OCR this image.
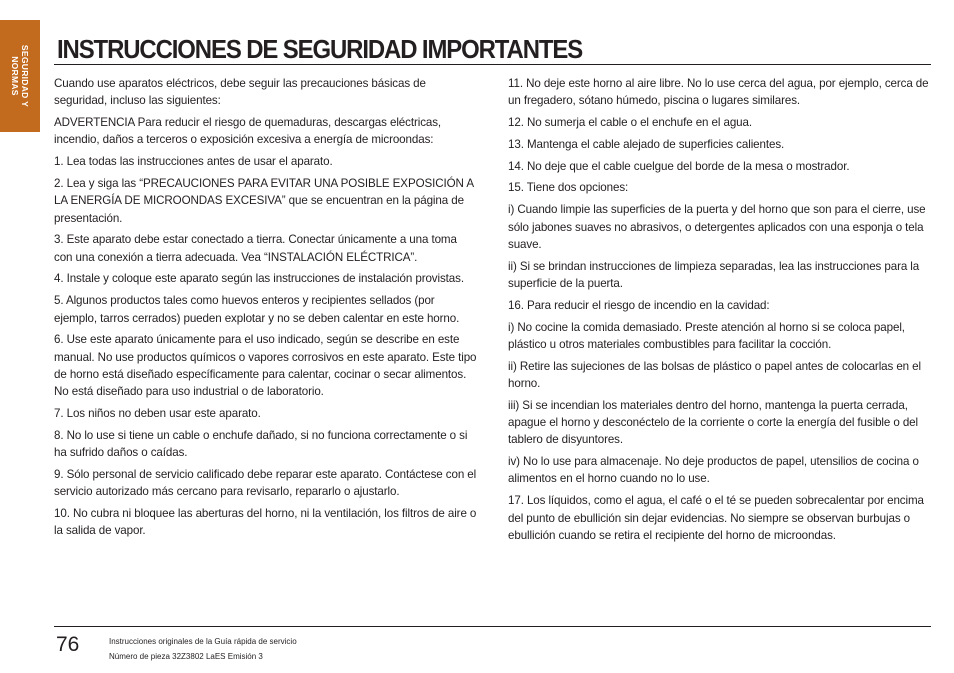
SEGURIDAD Y
NORMAS
INSTRUCCIONES DE SEGURIDAD IMPORTANTES

Cuando use aparatos eléctricos, debe seguir las precauciones básicas de seguridad, incluso las siguientes:

ADVERTENCIA Para reducir el riesgo de quemaduras, descargas eléctricas, incendio, daños a terceros o exposición excesiva a energía de microondas:

1. Lea todas las instrucciones antes de usar el aparato.

2. Lea y siga las “PRECAUCIONES PARA EVITAR UNA POSIBLE EXPOSICIÓN A LA ENERGÍA DE MICROONDAS EXCESIVA” que se encuentran en la página de presentación.

3. Este aparato debe estar conectado a tierra. Conectar únicamente a una toma con una conexión a tierra adecuada. Vea “INSTALACIÓN ELÉCTRICA”.

4. Instale y coloque este aparato según las instrucciones de instalación provistas.

5. Algunos productos tales como huevos enteros y recipientes sellados (por ejemplo, tarros cerrados) pueden explotar y no se deben calentar en este horno.

6. Use este aparato únicamente para el uso indicado, según se describe en este manual. No use productos químicos o vapores corrosivos en este aparato. Este tipo de horno está diseñado específicamente para calentar, cocinar o secar alimentos. No está diseñado para uso industrial o de laboratorio.

7. Los niños no deben usar este aparato.

8. No lo use si tiene un cable o enchufe dañado, si no funciona correctamente o si ha sufrido daños o caídas.

9. Sólo personal de servicio calificado debe reparar este aparato. Contáctese con el servicio autorizado más cercano para revisarlo, repararlo o ajustarlo.

10. No cubra ni bloquee las aberturas del horno, ni la ventilación, los filtros de aire o la salida de vapor.

11. No deje este horno al aire libre. No lo use cerca del agua, por ejemplo, cerca de un fregadero, sótano húmedo, piscina o lugares similares.

12. No sumerja el cable o el enchufe en el agua.

13. Mantenga el cable alejado de superficies calientes.

14. No deje que el cable cuelgue del borde de la mesa o mostrador.

15. Tiene dos opciones:

i) Cuando limpie las superficies de la puerta y del horno que son para el cierre, use sólo jabones suaves no abrasivos, o detergentes aplicados con una esponja o tela suave.

ii) Si se brindan instrucciones de limpieza separadas, lea las instrucciones para la superficie de la puerta.

16. Para reducir el riesgo de incendio en la cavidad:

i) No cocine la comida demasiado. Preste atención al horno si se coloca papel, plástico u otros materiales combustibles para facilitar la cocción.

ii) Retire las sujeciones de las bolsas de plástico o papel antes de colocarlas en el horno.

iii) Si se incendian los materiales dentro del horno, mantenga la puerta cerrada, apague el horno y desconéctelo de la corriente o corte la energía del fusible o del tablero de disyuntores.

iv) No lo use para almacenaje. No deje productos de papel, utensilios de cocina o alimentos en el horno cuando no lo use.

17. Los líquidos, como el agua, el café o el té se pueden sobrecalentar por encima del punto de ebullición sin dejar evidencias. No siempre se observan burbujas o ebullición cuando se retira el recipiente del horno de microondas.

76	Instrucciones originales de la Guía rápida de servicio
Número de pieza 32Z3802 LaES Emisión 3
